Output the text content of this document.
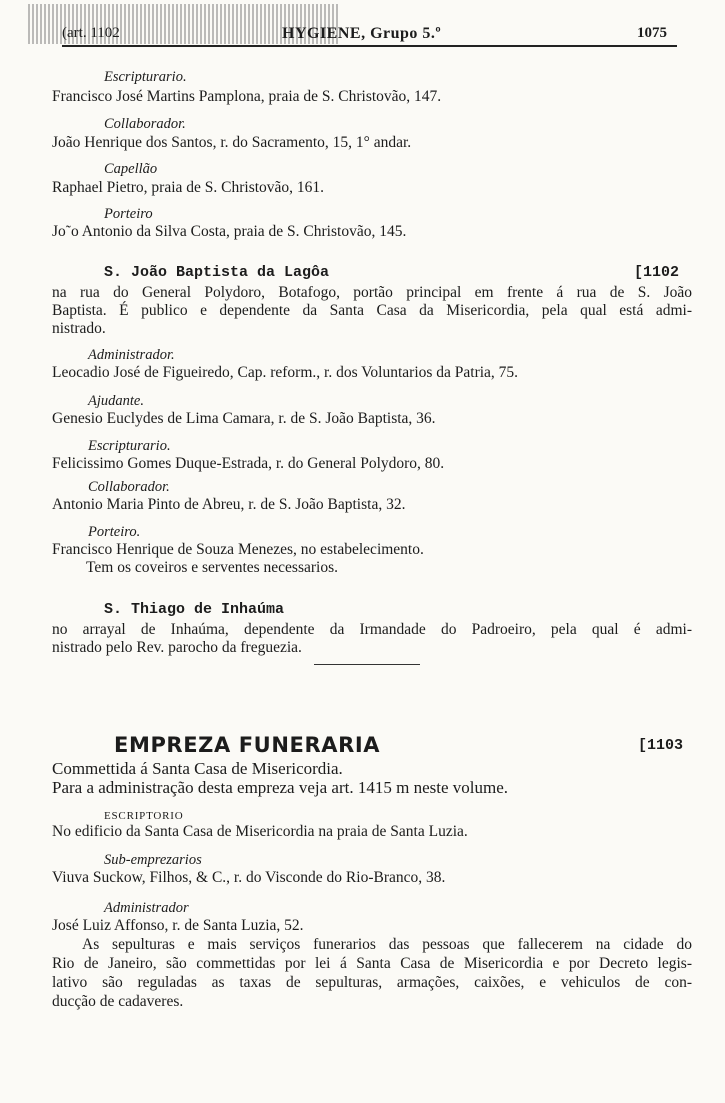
(art. 1102	HYGIENE, Grupo 5.º	1075
Escripturario.
Francisco José Martins Pamplona, praia de S. Christovão, 147.
Collaborador.
João Henrique dos Santos, r. do Sacramento, 15, 1° andar.
Capellão
Raphael Pietro, praia de S. Christovão, 161.
Porteiro
Jo˜o Antonio da Silva Costa, praia de S. Christovão, 145.
S. João Baptista da Lagôa	[1102
na rua do General Polydoro, Botafogo, portão principal em frente á rua de S. João
Baptista. É publico e dependente da Santa Casa da Misericordia, pela qual está admi-
nistrado.
Administrador.
Leocadio José de Figueiredo, Cap. reform., r. dos Voluntarios da Patria, 75.
Ajudante.
Genesio Euclydes de Lima Camara, r. de S. João Baptista, 36.
Escripturario.
Felicissimo Gomes Duque-Estrada, r. do General Polydoro, 80.
Collaborador.
Antonio Maria Pinto de Abreu, r. de S. João Baptista, 32.
Porteiro.
Francisco Henrique de Souza Menezes, no estabelecimento.
Tem os coveiros e serventes necessarios.
S. Thiago de Inhaúma
no arrayal de Inhaúma, dependente da Irmandade do Padroeiro, pela qual é admi-
nistrado pelo Rev. parocho da freguezia.
EMPREZA FUNERARIA	[1103
Commettida á Santa Casa de Misericordia.
Para a administração desta empreza veja art. 1415 m neste volume.
ESCRIPTORIO
No edificio da Santa Casa de Misericordia na praia de Santa Luzia.
Sub-emprezarios
Viuva Suckow, Filhos, & C., r. do Visconde do Rio-Branco, 38.
Administrador
José Luiz Affonso, r. de Santa Luzia, 52.
As sepulturas e mais serviços funerarios das pessoas que fallecerem na cidade do
Rio de Janeiro, são commettidas por lei á Santa Casa de Misericordia e por Decreto legis-
lativo são reguladas as taxas de sepulturas, armações, caixões, e vehiculos de con-
ducção de cadaveres.
